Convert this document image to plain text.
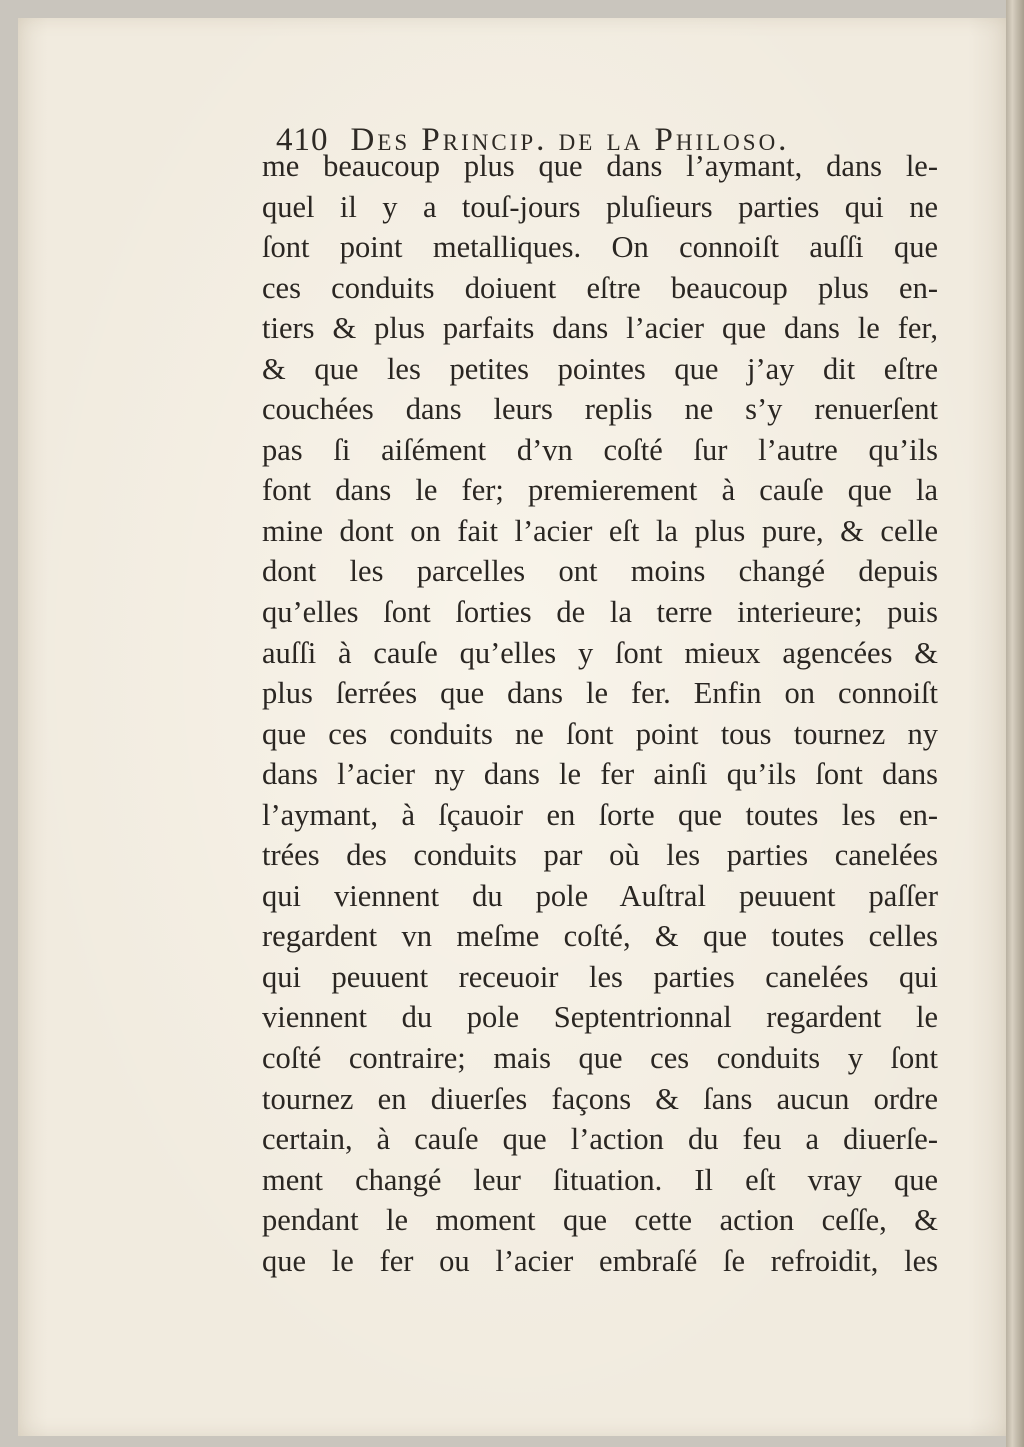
410 Des Princip. de la Philoso.
me beaucoup plus que dans l’aymant, dans le-
quel il y a touſ-jours pluſieurs parties qui ne
ſont point metalliques. On connoiſt auſſi que
ces conduits doiuent eſtre beaucoup plus en-
tiers & plus parfaits dans l’acier que dans le fer,
& que les petites pointes que j’ay dit eſtre
couchées dans leurs replis ne s’y renuerſent
pas ſi aiſément d’vn coſté ſur l’autre qu’ils
font dans le fer; premierement à cauſe que la
mine dont on fait l’acier eſt la plus pure, & celle
dont les parcelles ont moins changé depuis
qu’elles ſont ſorties de la terre interieure; puis
auſſi à cauſe qu’elles y ſont mieux agencées &
plus ſerrées que dans le fer. Enfin on connoiſt
que ces conduits ne ſont point tous tournez ny
dans l’acier ny dans le fer ainſi qu’ils ſont dans
l’aymant, à ſçauoir en ſorte que toutes les en-
trées des conduits par où les parties canelées
qui viennent du pole Auſtral peuuent paſſer
regardent vn meſme coſté, & que toutes celles
qui peuuent receuoir les parties canelées qui
viennent du pole Septentrionnal regardent le
coſté contraire; mais que ces conduits y ſont
tournez en diuerſes façons & ſans aucun ordre
certain, à cauſe que l’action du feu a diuerſe-
ment changé leur ſituation. Il eſt vray que
pendant le moment que cette action ceſſe, &
que le fer ou l’acier embraſé ſe refroidit, les
